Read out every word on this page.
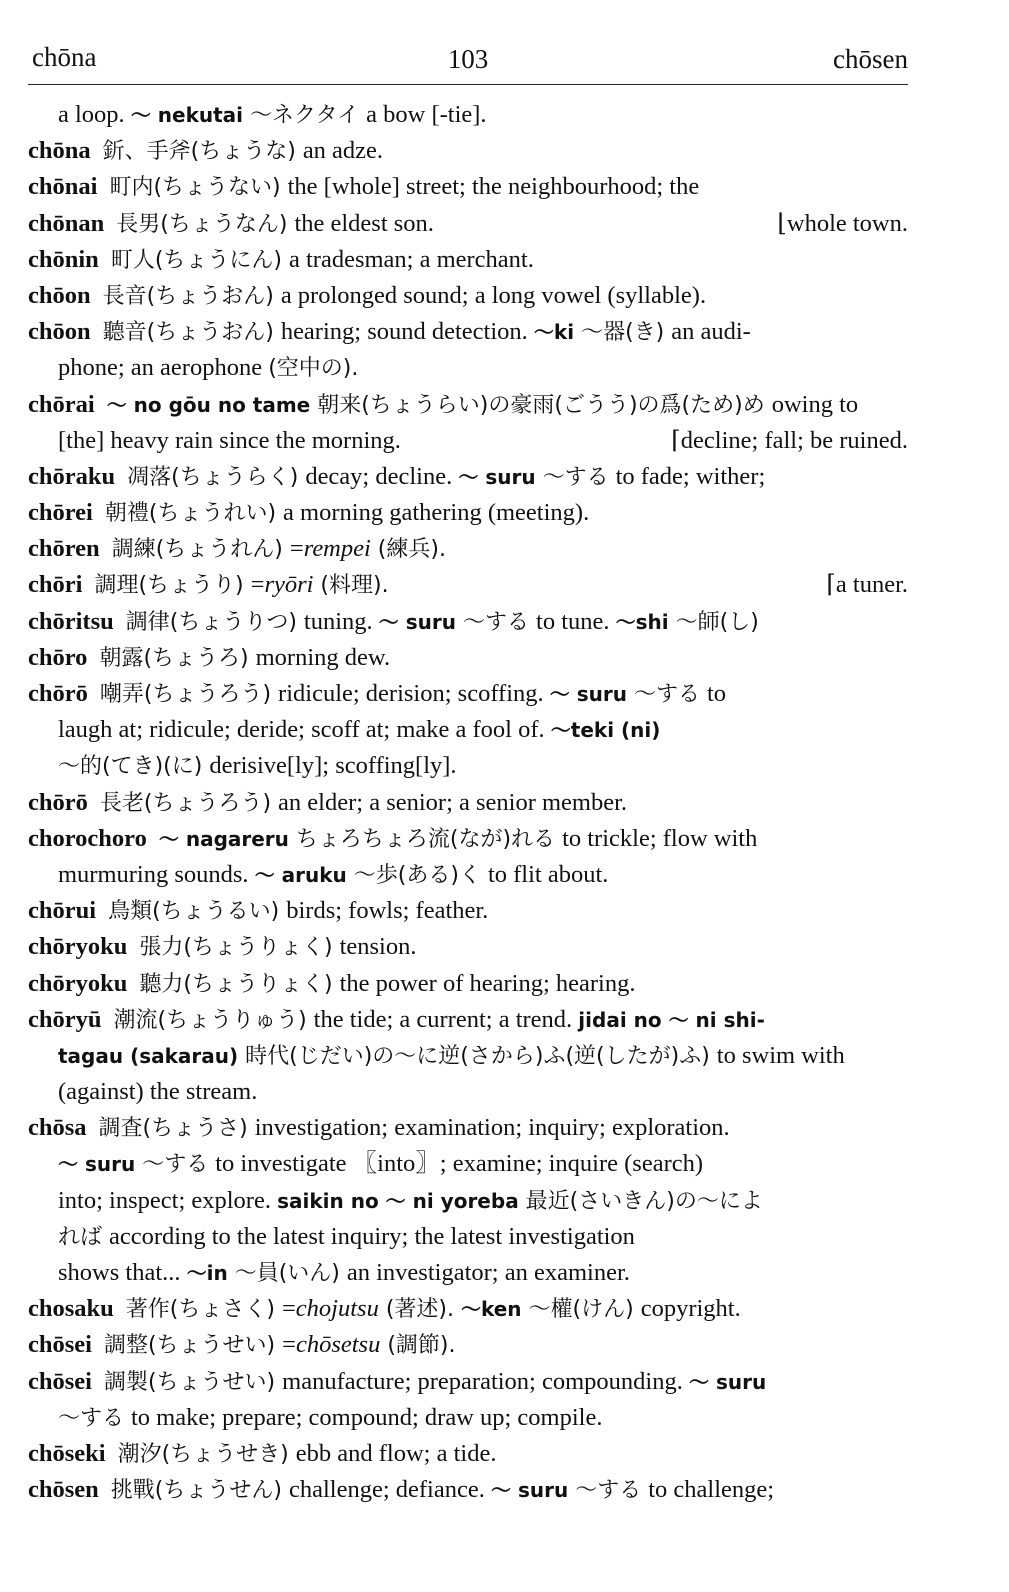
chōna	103	chōsen
a loop. ～ nekutai ～ネクタイ a bow [-tie].
chōna 釿、手斧(ちょうな) an adze.
chōnai 町内(ちょうない) the [whole] street; the neighbourhood; the
chōnan 長男(ちょうなん) the eldest son.	⌊whole town.
chōnin 町人(ちょうにん) a tradesman; a merchant.
chōon 長音(ちょうおん) a prolonged sound; a long vowel (syllable).
chōon 聽音(ちょうおん) hearing; sound detection. ～ki ～器(き) an audi-
phone; an aerophone (空中の).
chōrai ～ no gōu no tame 朝来(ちょうらい)の豪雨(ごうう)の爲(ため)め owing to
[the] heavy rain since the morning.	⌈decline; fall; be ruined.
chōraku 凋落(ちょうらく) decay; decline. ～ suru ～する to fade; wither;
chōrei 朝禮(ちょうれい) a morning gathering (meeting).
chōren 調練(ちょうれん) =rempei (練兵).
chōri 調理(ちょうり) =ryōri (料理).	⌈a tuner.
chōritsu 調律(ちょうりつ) tuning. ～ suru ～する to tune. ～shi ～師(し)
chōro 朝露(ちょうろ) morning dew.
chōrō 嘲弄(ちょうろう) ridicule; derision; scoffing. ～ suru ～する to
laugh at; ridicule; deride; scoff at; make a fool of. ～teki (ni)
～的(てき)(に) derisive[ly]; scoffing[ly].
chōrō 長老(ちょうろう) an elder; a senior; a senior member.
chorochoro ～ nagareru ちょろちょろ流(なが)れる to trickle; flow with
murmuring sounds. ～ aruku ～歩(ある)く to flit about.
chōrui 鳥類(ちょうるい) birds; fowls; feather.
chōryoku 張力(ちょうりょく) tension.
chōryoku 聽力(ちょうりょく) the power of hearing; hearing.
chōryū 潮流(ちょうりゅう) the tide; a current; a trend. jidai no ～ ni shi-
tagau (sakarau) 時代(じだい)の～に逆(さから)ふ(逆(したが)ふ) to swim with
(against) the stream.
chōsa 調査(ちょうさ) investigation; examination; inquiry; exploration.
～ suru ～する to investigate 〖into〗; examine; inquire (search)
into; inspect; explore. saikin no ～ ni yoreba 最近(さいきん)の～によ
れば according to the latest inquiry; the latest investigation
shows that... ～in ～員(いん) an investigator; an examiner.
chosaku 著作(ちょさく) =chojutsu (著述). ～ken ～權(けん) copyright.
chōsei 調整(ちょうせい) =chōsetsu (調節).
chōsei 調製(ちょうせい) manufacture; preparation; compounding. ～ suru
～する to make; prepare; compound; draw up; compile.
chōseki 潮汐(ちょうせき) ebb and flow; a tide.
chōsen 挑戰(ちょうせん) challenge; defiance. ～ suru ～する to challenge;
